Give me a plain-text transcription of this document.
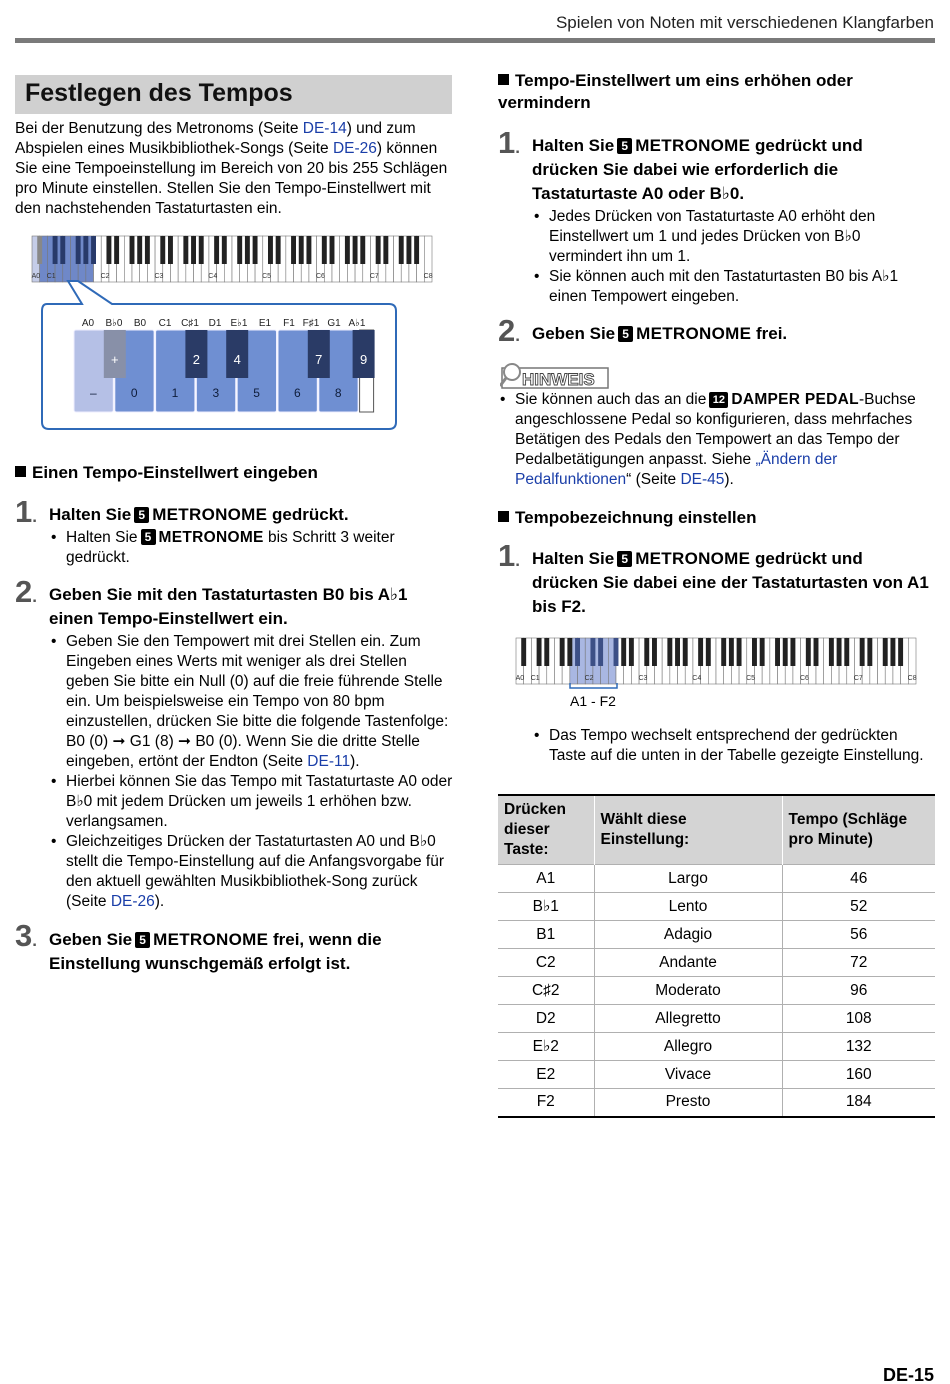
Spielen von Noten mit verschiedenen Klangfarben
Festlegen des Tempos
Bei der Benutzung des Metronoms (Seite DE-14) und zum Abspielen eines Musikbibliothek-Songs (Seite DE-26) können Sie eine Tempoeinstellung im Bereich von 20 bis 255 Schlägen pro Minute einstellen. Stellen Sie den Tempo-Einstellwert mit den nachstehenden Tastaturtasten ein.
A0 C1	C2	C3	C4	C5	C6	C7	C8
–	0	1	3	5	6	8
+	2	4	7	9
A0 B♭0 B0 C1 C♯1 D1 E♭1 E1 F1 F♯1 G1 A♭1
Einen Tempo-Einstellwert eingeben
1. Halten Sie 5 METRONOME gedrückt.
• Halten Sie 5 METRONOME bis Schritt 3 weiter gedrückt.
2. Geben Sie mit den Tastaturtasten B0 bis A♭1 einen Tempo-Einstellwert ein.
• Geben Sie den Tempowert mit drei Stellen ein. Zum Eingeben eines Werts mit weniger als drei Stellen geben Sie bitte ein Null (0) auf die freie führende Stelle ein. Um beispielsweise ein Tempo von 80 bpm einzustellen, drücken Sie bitte die folgende Tastenfolge: B0 (0) ➞ G1 (8) ➞ B0 (0). Wenn Sie die dritte Stelle eingeben, ertönt der Endton (Seite DE-11).
• Hierbei können Sie das Tempo mit Tastaturtaste A0 oder B♭0 mit jedem Drücken um jeweils 1 erhöhen bzw. verlangsamen.
• Gleichzeitiges Drücken der Tastaturtasten A0 und B♭0 stellt die Tempo-Einstellung auf die Anfangsvorgabe für den aktuell gewählten Musikbibliothek-Song zurück (Seite DE-26).
3. Geben Sie 5 METRONOME frei, wenn die Einstellung wunschgemäß erfolgt ist.
Tempo-Einstellwert um eins erhöhen oder vermindern
1. Halten Sie 5 METRONOME gedrückt und drücken Sie dabei wie erforderlich die Tastaturtaste A0 oder B♭0.
• Jedes Drücken von Tastaturtaste A0 erhöht den Einstellwert um 1 und jedes Drücken von B♭0 vermindert ihn um 1.
• Sie können auch mit den Tastaturtasten B0 bis A♭1 einen Tempowert eingeben.
2. Geben Sie 5 METRONOME frei.
HINWEIS
• Sie können auch das an die 12 DAMPER PEDAL-Buchse angeschlossene Pedal so konfigurieren, dass mehrfaches Betätigen des Pedals den Tempowert an das Tempo der Pedalbetätigungen anpasst. Siehe „Ändern der Pedalfunktionen“ (Seite DE-45).
Tempobezeichnung einstellen
1. Halten Sie 5 METRONOME gedrückt und drücken Sie dabei eine der Tastaturtasten von A1 bis F2.
A0 C1	C2	C3	C4	C5	C6	C7	C8
A1 - F2
• Das Tempo wechselt entsprechend der gedrückten Taste auf die unten in der Tabelle gezeigte Einstellung.
Drücken dieser Taste:	Wählt diese Einstellung:	Tempo (Schläge pro Minute)
A1	Largo	46
B♭1	Lento	52
B1	Adagio	56
C2	Andante	72
C♯2	Moderato	96
D2	Allegretto	108
E♭2	Allegro	132
E2	Vivace	160
F2	Presto	184
DE-15
